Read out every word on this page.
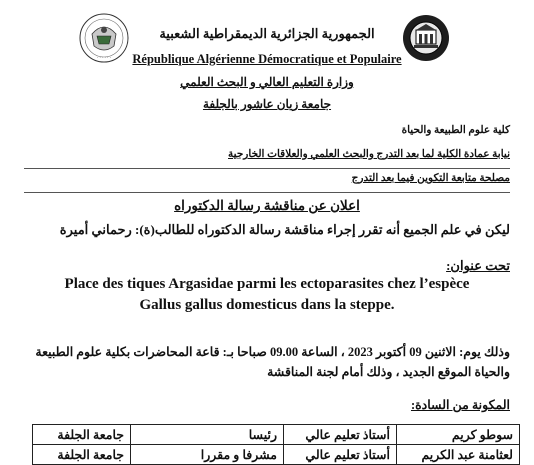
· · · · · ·
الجمهورية الجزائرية الديمقراطية الشعبية
République Algérienne Démocratique et Populaire
وزارة التعليم العالي و البحث العلمي
جامعة زيان عاشور بالجلفة
كلية علوم الطبيعة والحياة
نيابة عمادة الكلية لما بعد التدرج والبحث العلمي والعلاقات الخارجية
مصلحة متابعة التكوين فيما بعد التدرج
اعلان عن مناقشة رسالة الدكتوراه
ليكن في علم الجميع أنه تقرر إجراء مناقشة رسالة الدكتوراه للطالب(ة): رحماني أميرة
تحت عنوان:
Place des tiques Argasidae parmi les ectoparasites chez l’espèce
Gallus gallus domesticus dans la steppe.
وذلك يوم: الاثنين 09 أكتوبر 2023 ، الساعة 09.00 صباحا بـ: قاعة المحاضرات بكلية علوم الطبيعة
والحياة الموقع الجديد ، وذلك أمام لجنة المناقشة
المكونة من السادة:
سوطو كريم	أستاذ تعليم عالي	رئيسا	جامعة الجلفة
لعثامنة عبد الكريم	أستاذ تعليم عالي	مشرفا و مقررا	جامعة الجلفة
